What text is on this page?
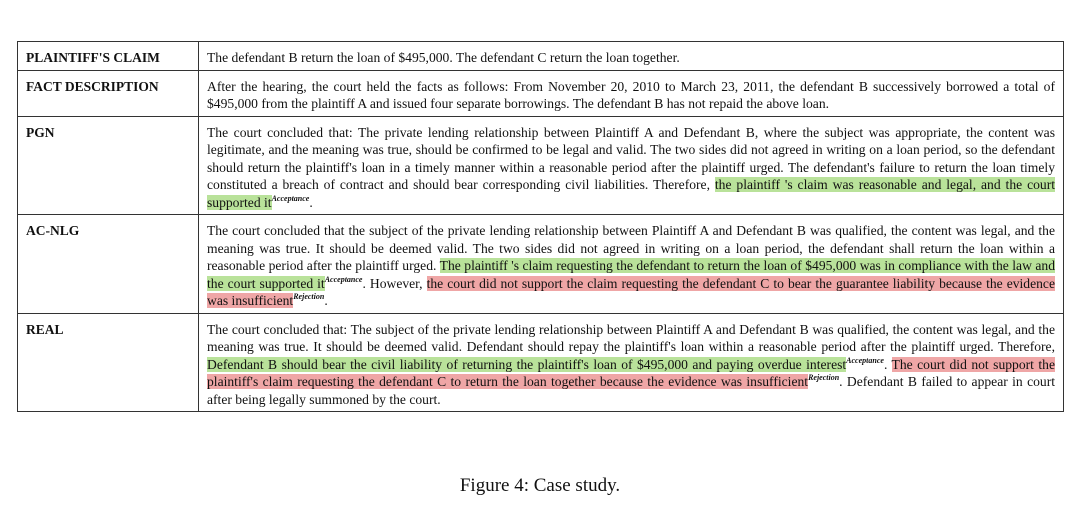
PLAINTIFF'S CLAIM	The defendant B return the loan of $495,000. The defendant C return the loan together.
FACT DESCRIPTION	After the hearing, the court held the facts as follows: From November 20, 2010 to March 23, 2011, the defendant B successively borrowed a total of $495,000 from the plaintiff A and issued four separate borrowings. The defendant B has not repaid the above loan.
PGN	The court concluded that: The private lending relationship between Plaintiff A and Defendant B, where the subject was appropriate, the content was legitimate, and the meaning was true, should be confirmed to be legal and valid. The two sides did not agreed in writing on a loan period, so the defendant should return the plaintiff's loan in a timely manner within a reasonable period after the plaintiff urged. The defendant's failure to return the loan timely constituted a breach of contract and should bear corresponding civil liabilities. Therefore, the plaintiff 's claim was reasonable and legal, and the court supported $it^{Acceptance}$.
AC-NLG	The court concluded that the subject of the private lending relationship between Plaintiff A and Defendant B was qualified, the content was legal, and the meaning was true. It should be deemed valid. The two sides did not agreed in writing on a loan period, the defendant shall return the loan within a reasonable period after the plaintiff urged. The plaintiff 's claim requesting the defendant to return the loan of $495,000 was in compliance with the law and the court supported $it^{Acceptance}$. However, the court did not support the claim requesting the defendant C to bear the guarantee liability because the evidence was insufficient$^{Rejection}$.
REAL	The court concluded that: The subject of the private lending relationship between Plaintiff A and Defendant B was qualified, the content was legal, and the meaning was true. It should be deemed valid. Defendant should repay the plaintiff's loan within a reasonable period after the plaintiff urged. Therefore, Defendant B should bear the civil liability of returning the plaintiff's loan of $495,000 and paying overdue interest$^{Acceptance}$. The court did not support the plaintiff's claim requesting the defendant C to return the loan together because the evidence was insufficient$^{Rejection}$. Defendant B failed to appear in court after being legally summoned by the court.
Figure 4: Case study.
